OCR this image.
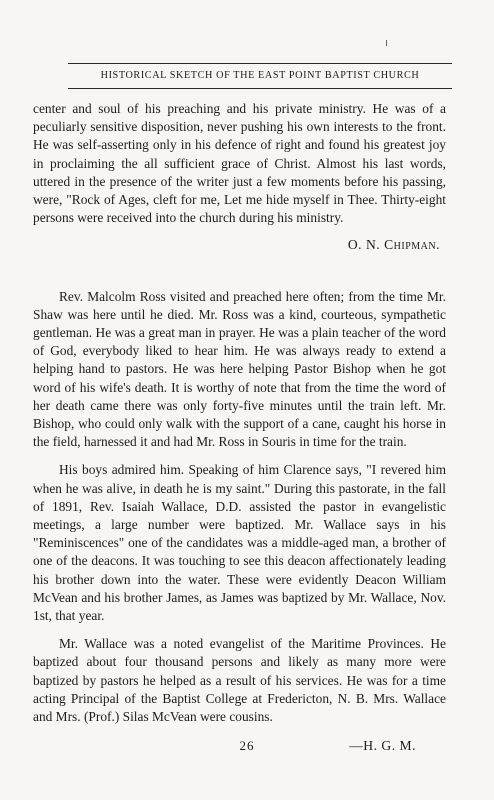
HISTORICAL SKETCH OF THE EAST POINT BAPTIST CHURCH

center and soul of his preaching and his private ministry. He was of a peculiarly sensitive disposition, never pushing his own interests to the front. He was self-asserting only in his defence of right and found his greatest joy in proclaiming the all sufficient grace of Christ. Almost his last words, uttered in the presence of the writer just a few moments before his passing, were, "Rock of Ages, cleft for me, Let me hide myself in Thee. Thirty-eight persons were received into the church during his ministry.

O. N. Chipman.

Rev. Malcolm Ross visited and preached here often; from the time Mr. Shaw was here until he died. Mr. Ross was a kind, courteous, sympathetic gentleman. He was a great man in prayer. He was a plain teacher of the word of God, everybody liked to hear him. He was always ready to extend a helping hand to pastors. He was here helping Pastor Bishop when he got word of his wife's death. It is worthy of note that from the time the word of her death came there was only forty-five minutes until the train left. Mr. Bishop, who could only walk with the support of a cane, caught his horse in the field, harnessed it and had Mr. Ross in Souris in time for the train.

His boys admired him. Speaking of him Clarence says, "I revered him when he was alive, in death he is my saint." During this pastorate, in the fall of 1891, Rev. Isaiah Wallace, D.D. assisted the pastor in evangelistic meetings, a large number were baptized. Mr. Wallace says in his "Reminiscences" one of the candidates was a middle-aged man, a brother of one of the deacons. It was touching to see this deacon affectionately leading his brother down into the water. These were evidently Deacon William McVean and his brother James, as James was baptized by Mr. Wallace, Nov. 1st, that year.

Mr. Wallace was a noted evangelist of the Maritime Provinces. He baptized about four thousand persons and likely as many more were baptized by pastors he helped as a result of his services. He was for a time acting Principal of the Baptist College at Fredericton, N. B. Mrs. Wallace and Mrs. (Prof.) Silas McVean were cousins.

—H. G. M.

26
